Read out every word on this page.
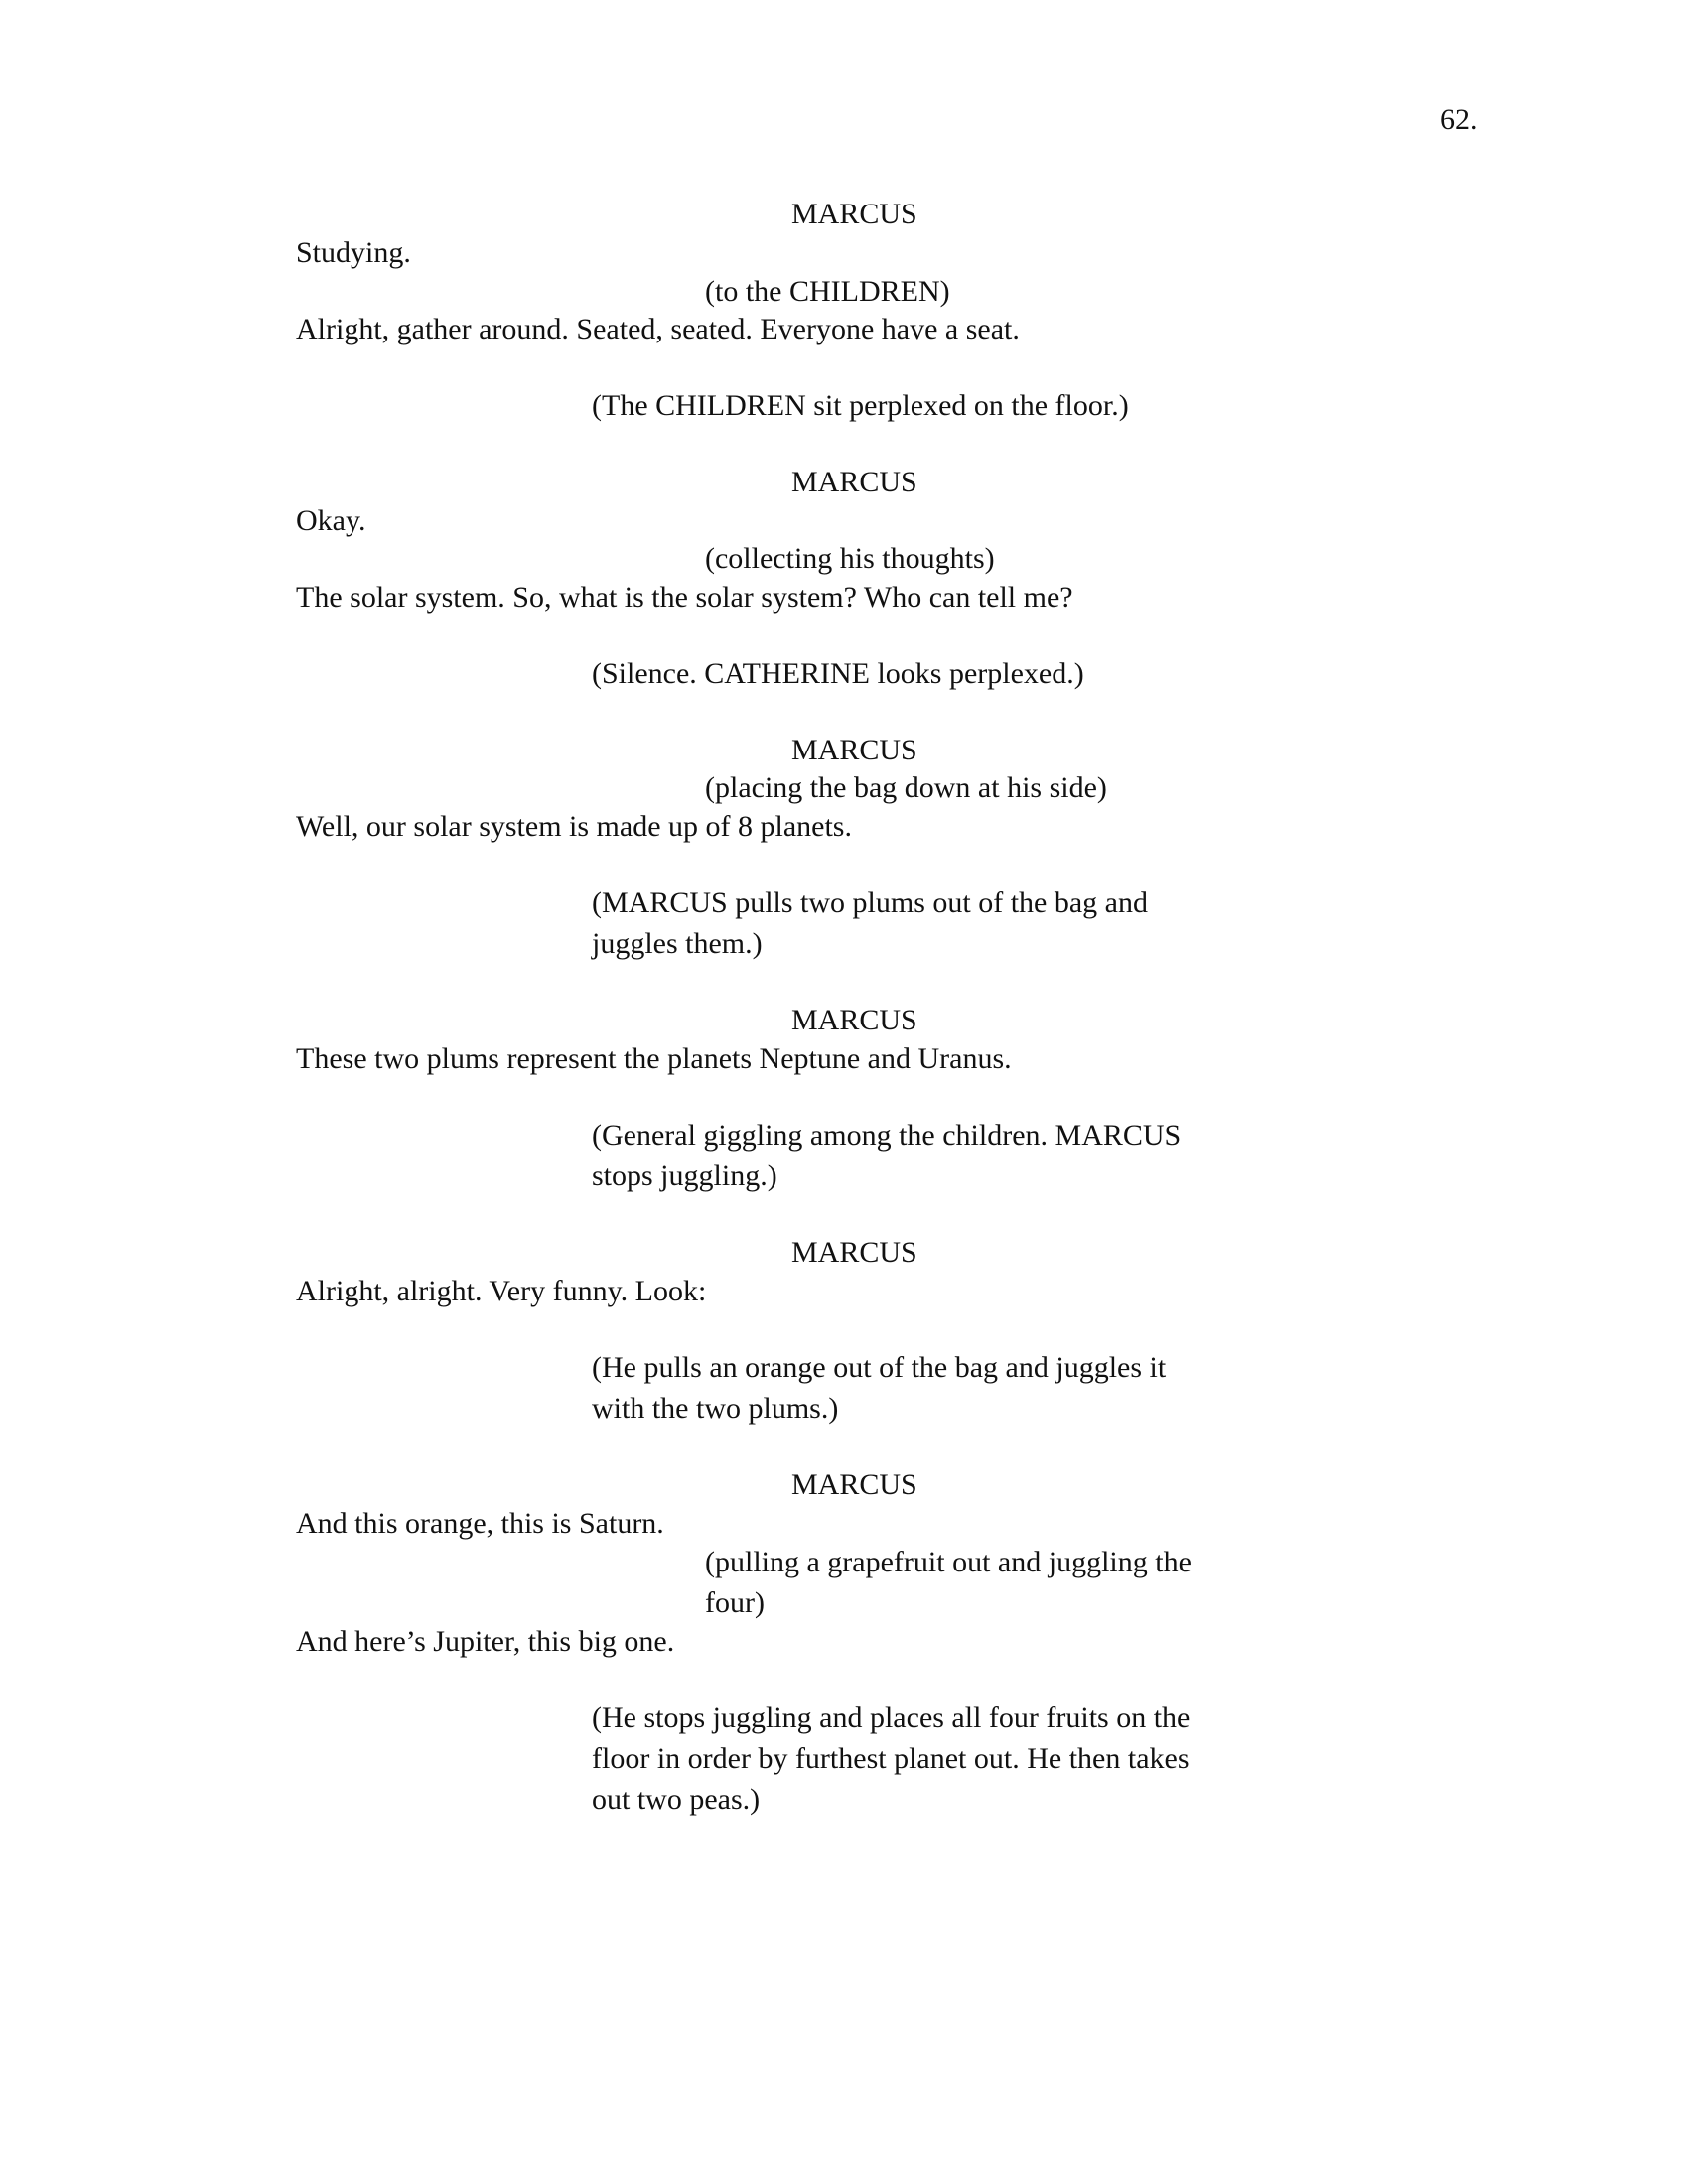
62.
MARCUS
Studying.
(to the CHILDREN)
Alright, gather around. Seated, seated. Everyone have a seat.
(The CHILDREN sit perplexed on the floor.)
MARCUS
Okay.
(collecting his thoughts)
The solar system. So, what is the solar system? Who can tell me?
(Silence. CATHERINE looks perplexed.)
MARCUS
(placing the bag down at his side)
Well, our solar system is made up of 8 planets.
(MARCUS pulls two plums out of the bag and
juggles them.)
MARCUS
These two plums represent the planets Neptune and Uranus.
(General giggling among the children. MARCUS
stops juggling.)
MARCUS
Alright, alright. Very funny. Look:
(He pulls an orange out of the bag and juggles it
with the two plums.)
MARCUS
And this orange, this is Saturn.
(pulling a grapefruit out and juggling the
four)
And here’s Jupiter, this big one.
(He stops juggling and places all four fruits on the
floor in order by furthest planet out. He then takes
out two peas.)
